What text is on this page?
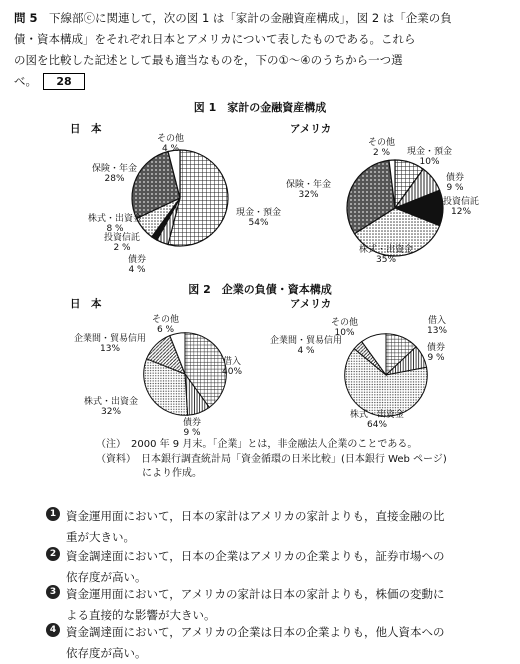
問 5　 下線部ⓒに関連して，次の図 1 は「家計の金融資産構成」，図 2 は「企業の負
債・資本構成」をそれぞれ日本とアメリカについて表したものである。これら
の図を比較した記述として最も適当なものを，下の①～④のうちから一つ選
べ。 28
図 1　家計の金融資産構成
日　本	アメリカ
その他
4 %
保険・年金
28%
株式・出資金
8 %
投資信託
2 %
債券
4 %
現金・預金
54%
その他
2 %	現金・預金
10%
債券
9 %
投資信託
12%
株式・出資金
35%
保険・年金
32%
図 2　企業の負債・資本構成
日　本	アメリカ
その他
6 %
企業間・貿易信用
13%
株式・出資金
32%
債券
9 %
借入
40%
その他
10%
企業間・貿易信用
4 %
借入
13%
債券
9 %
株式・出資金
64%
（注）　 2000 年 9 月末。「企業」とは，非金融法人企業のことである。
（資料）　 日本銀行調査統計局「資金循環の日米比較」(日本銀行 Web ページ)
により作成。
1 資金運用面において，日本の家計はアメリカの家計よりも，直接金融の比
重が大きい。
2 資金調達面において，日本の企業はアメリカの企業よりも，証券市場への
依存度が高い。
3 資金運用面において，アメリカの家計は日本の家計よりも，株価の変動に
よる直接的な影響が大きい。
4 資金調達面において，アメリカの企業は日本の企業よりも，他人資本への
依存度が高い。
